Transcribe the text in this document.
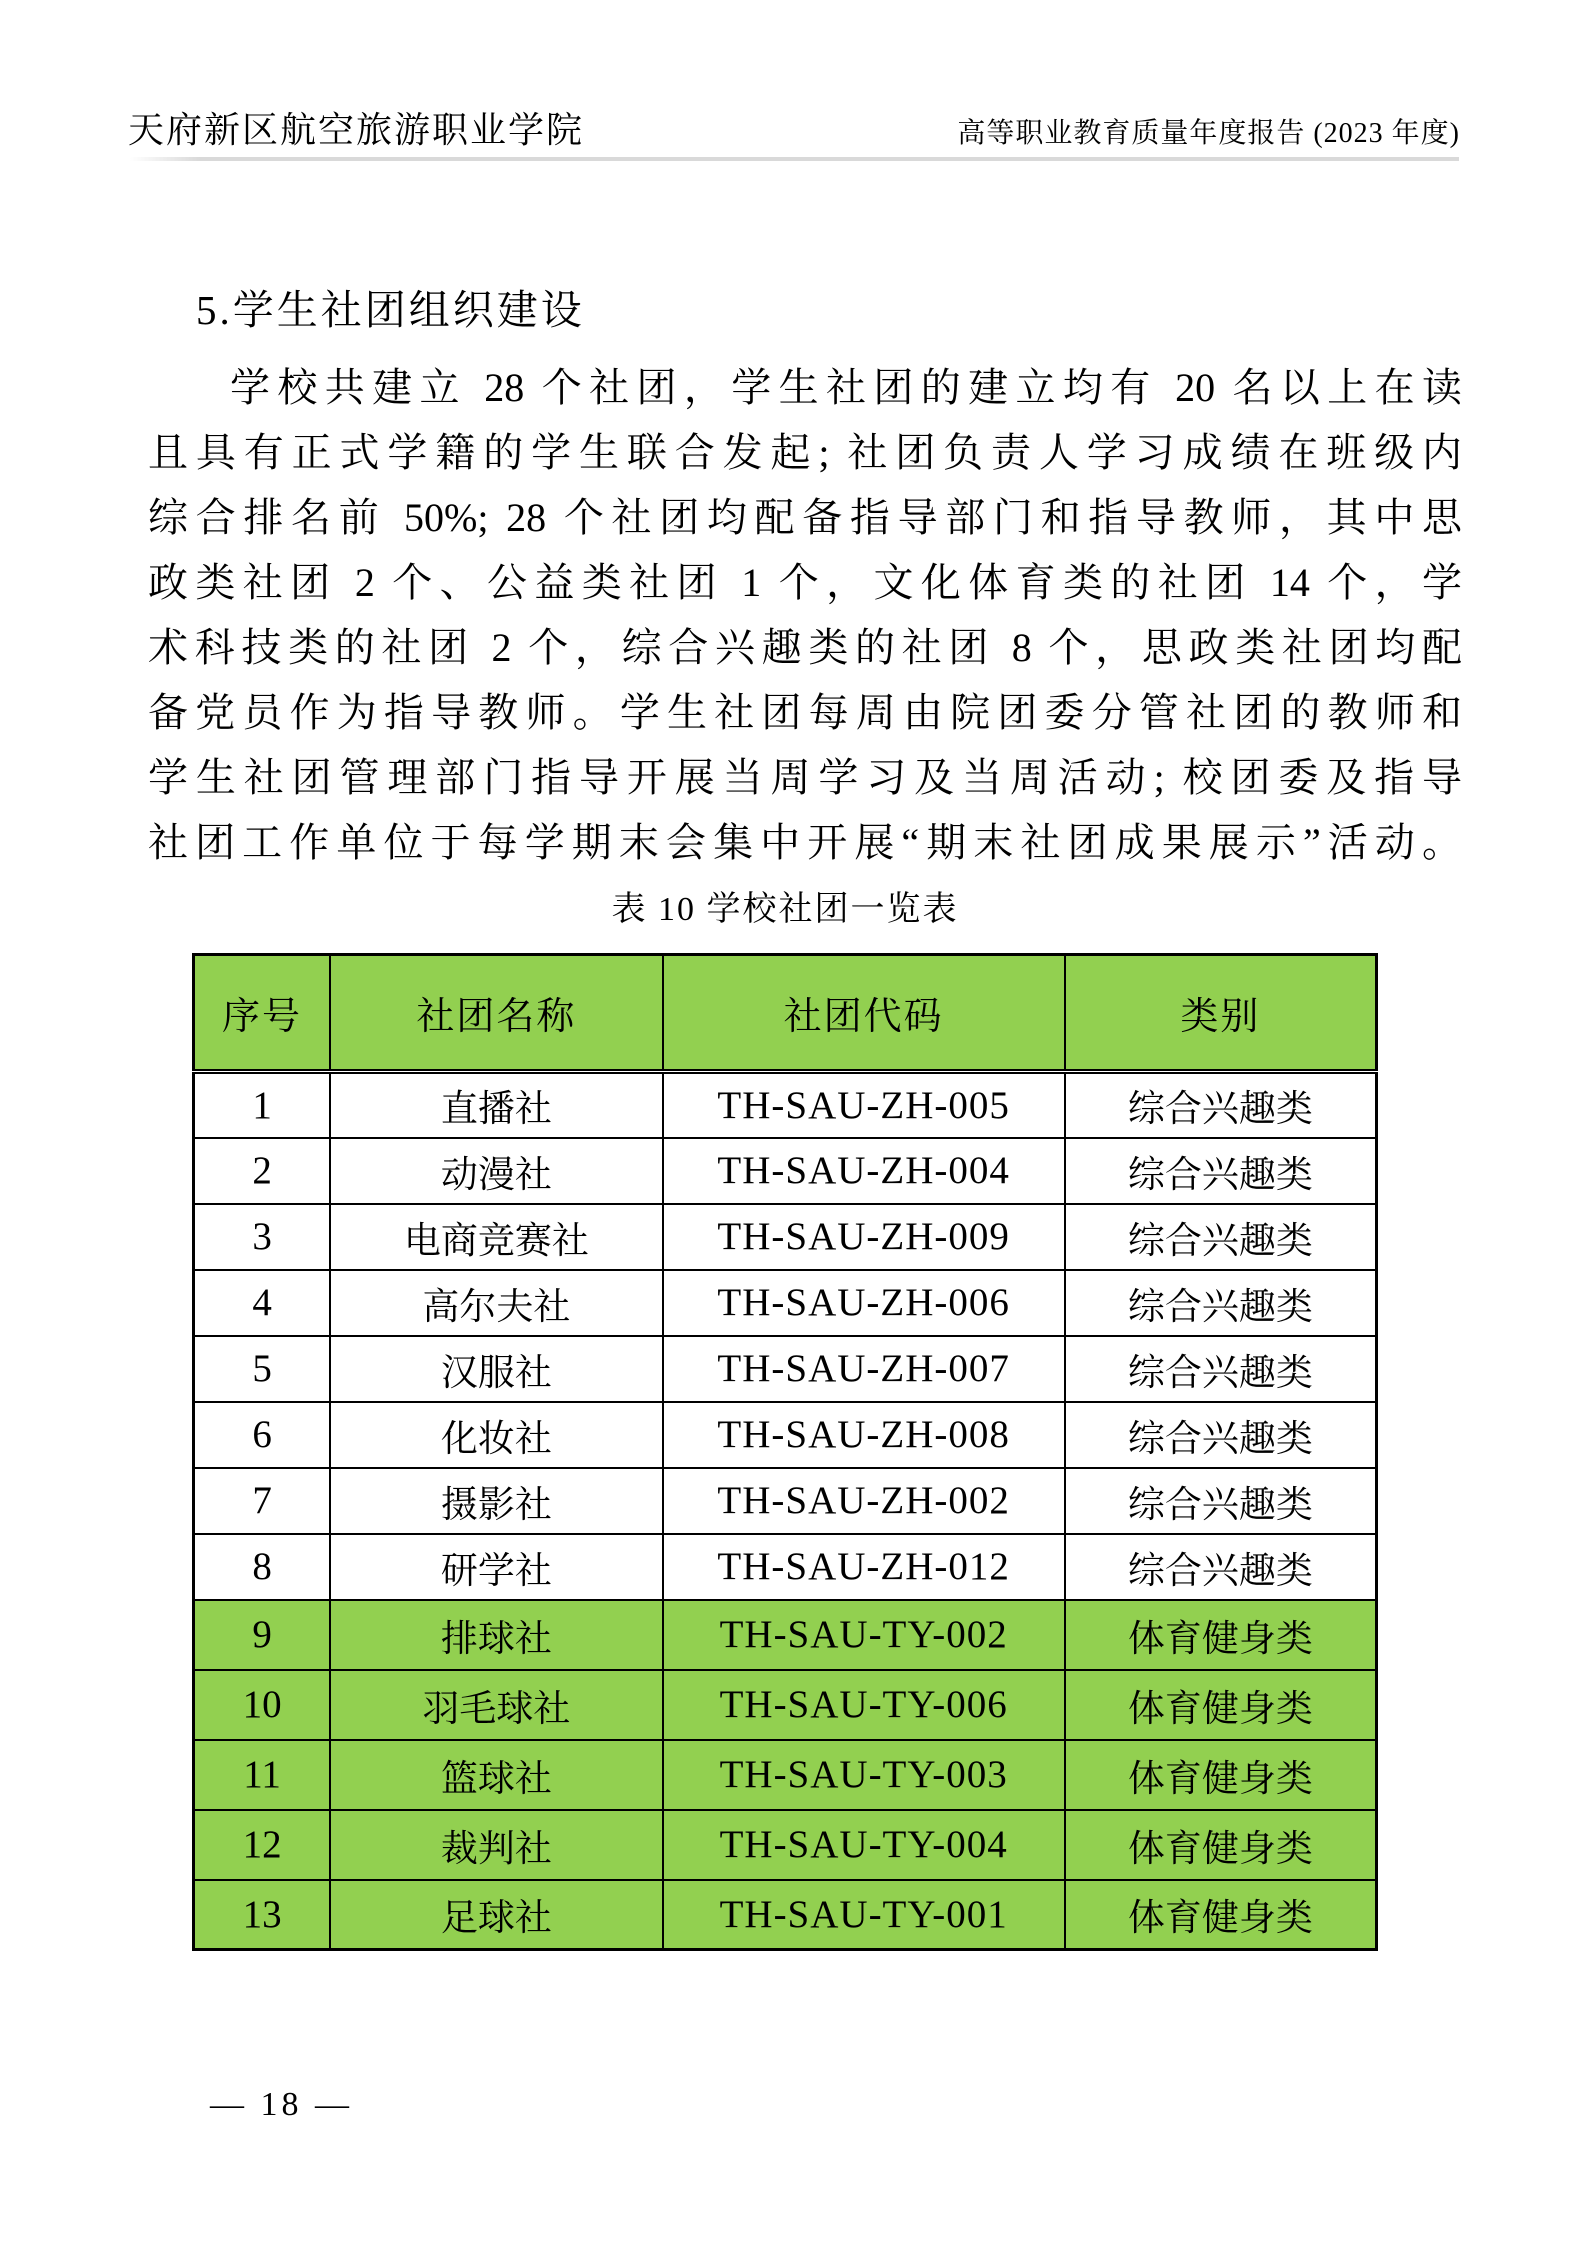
天府新区航空旅游职业学院	高等职业教育质量年度报告 (2023 年度)
5.学生社团组织建设
学校共建立 28 个社团，学生社团的建立均有 20 名以上在读
且具有正式学籍的学生联合发起; 社团负责人学习成绩在班级内
综合排名前 50%; 28 个社团均配备指导部门和指导教师，其中思
政类社团 2 个、公益类社团 1 个，文化体育类的社团 14 个，学
术科技类的社团 2 个，综合兴趣类的社团 8 个，思政类社团均配
备党员作为指导教师。学生社团每周由院团委分管社团的教师和
学生社团管理部门指导开展当周学习及当周活动; 校团委及指导
社团工作单位于每学期末会集中开展“期末社团成果展示”活动。
表 10 学校社团一览表
序号	社团名称	社团代码	类别
1	直播社	TH-SAU-ZH-005	综合兴趣类
2	动漫社	TH-SAU-ZH-004	综合兴趣类
3	电商竞赛社	TH-SAU-ZH-009	综合兴趣类
4	高尔夫社	TH-SAU-ZH-006	综合兴趣类
5	汉服社	TH-SAU-ZH-007	综合兴趣类
6	化妆社	TH-SAU-ZH-008	综合兴趣类
7	摄影社	TH-SAU-ZH-002	综合兴趣类
8	研学社	TH-SAU-ZH-012	综合兴趣类
9	排球社	TH-SAU-TY-002	体育健身类
10	羽毛球社	TH-SAU-TY-006	体育健身类
11	篮球社	TH-SAU-TY-003	体育健身类
12	裁判社	TH-SAU-TY-004	体育健身类
13	足球社	TH-SAU-TY-001	体育健身类
— 18 —
